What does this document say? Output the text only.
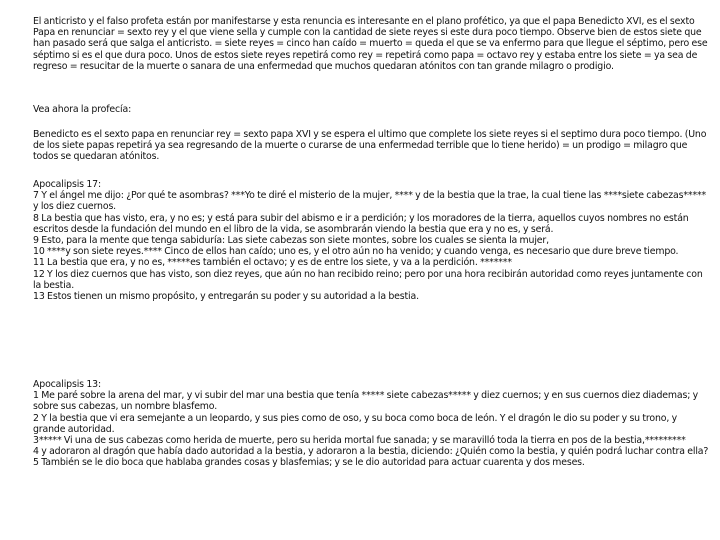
El anticristo y el falso profeta están por manifestarse y esta renuncia es interesante en el plano profético, ya que el papa Benedicto XVI, es el sexto Papa en renunciar = sexto rey y el que viene sella y cumple con la cantidad de siete reyes si este dura poco tiempo. Observe bien de estos siete que han pasado será que salga el anticristo. = siete reyes = cinco han caído = muerto = queda el que se va enfermo para que llegue el séptimo, pero ese séptimo si es el que dura poco. Unos de estos siete reyes repetirá como rey = repetirá como papa = octavo rey y estaba entre los siete = ya sea de regreso = resucitar de la muerte o sanara de una enfermedad que muchos quedaran atónitos con tan grande milagro o prodigio.

Vea ahora la profecía:

Benedicto es el sexto papa en renunciar rey = sexto papa XVI y se espera el ultimo que complete los siete reyes si el septimo dura poco tiempo. (Uno de los siete papas repetirá ya sea regresando de la muerte o curarse de una enfermedad terrible que lo tiene herido) = un prodigo = milagro que todos se quedaran atónitos.

Apocalipsis 17:

7 Y el ángel me dijo: ¿Por qué te asombras? ***Yo te diré el misterio de la mujer, **** y de la bestia que la trae, la cual tiene las ****siete cabezas***** y los diez cuernos.

8 La bestia que has visto, era, y no es; y está para subir del abismo e ir a perdición; y los moradores de la tierra, aquellos cuyos nombres no están escritos desde la fundación del mundo en el libro de la vida, se asombrarán viendo la bestia que era y no es, y será.

9 Esto, para la mente que tenga sabiduría: Las siete cabezas son siete montes, sobre los cuales se sienta la mujer,

10 ****y son siete reyes.**** Cinco de ellos han caído; uno es, y el otro aún no ha venido; y cuando venga, es necesario que dure breve tiempo.

11 La bestia que era, y no es, *****es también el octavo; y es de entre los siete, y va a la perdición. *******

12 Y los diez cuernos que has visto, son diez reyes, que aún no han recibido reino; pero por una hora recibirán autoridad como reyes juntamente con la bestia.

13 Estos tienen un mismo propósito, y entregarán su poder y su autoridad a la bestia.

Apocalipsis 13:

1 Me paré sobre la arena del mar, y vi subir del mar una bestia que tenía ***** siete cabezas***** y diez cuernos; y en sus cuernos diez diademas; y sobre sus cabezas, un nombre blasfemo.

2 Y la bestia que vi era semejante a un leopardo, y sus pies como de oso, y su boca como boca de león. Y el dragón le dio su poder y su trono, y grande autoridad.

3***** Vi una de sus cabezas como herida de muerte, pero su herida mortal fue sanada; y se maravilló toda la tierra en pos de la bestia,*********

4 y adoraron al dragón que había dado autoridad a la bestia, y adoraron a la bestia, diciendo: ¿Quién como la bestia, y quién podrá luchar contra ella?

5 También se le dio boca que hablaba grandes cosas y blasfemias; y se le dio autoridad para actuar cuarenta y dos meses.
